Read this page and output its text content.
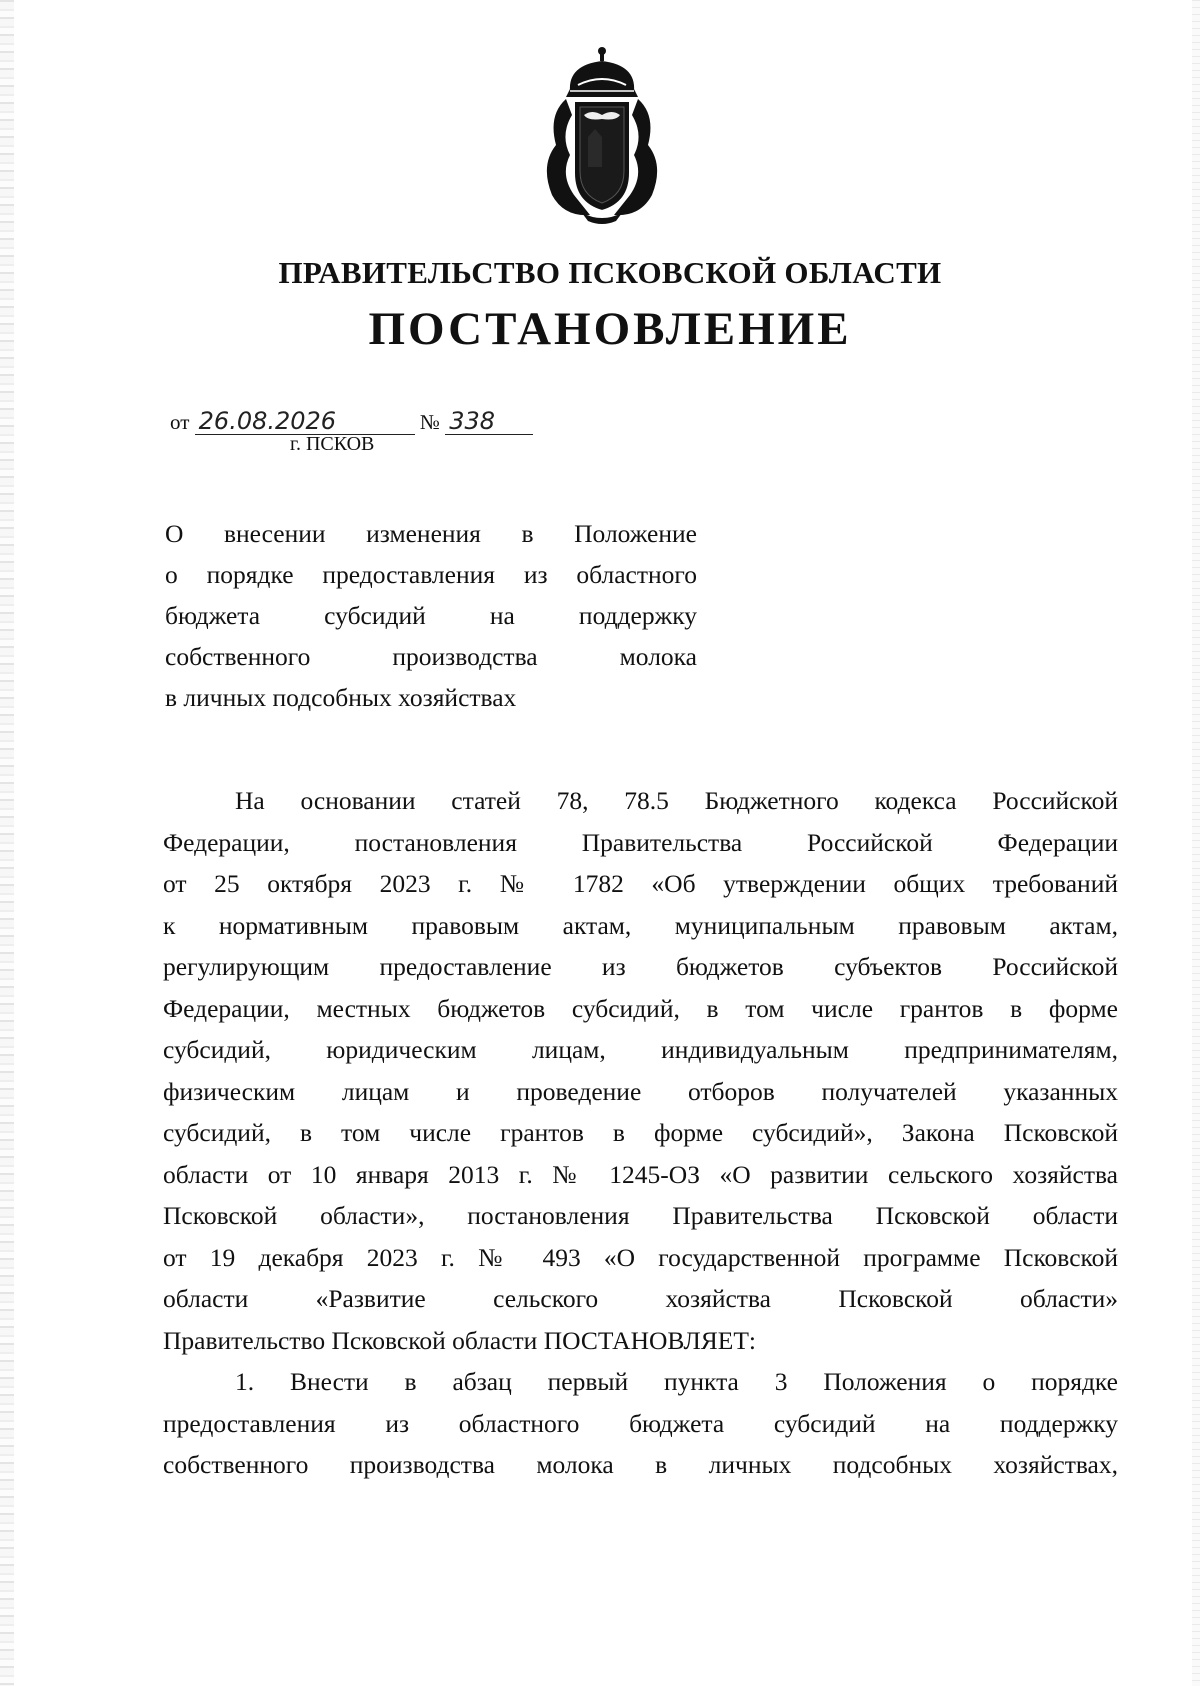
ПРАВИТЕЛЬСТВО ПСКОВСКОЙ ОБЛАСТИ
ПОСТАНОВЛЕНИЕ
от 26.08.2026	№ 338
г. ПСКОВ
О внесении изменения в Положение
о порядке предоставления из областного
бюджета субсидий на поддержку
собственного производства молока
в личных подсобных хозяйствах
На основании статей 78, 78.5 Бюджетного кодекса Российской
Федерации, постановления Правительства Российской Федерации
от 25 октября 2023 г. № 1782 «Об утверждении общих требований
к нормативным правовым актам, муниципальным правовым актам,
регулирующим предоставление из бюджетов субъектов Российской
Федерации, местных бюджетов субсидий, в том числе грантов в форме
субсидий, юридическим лицам, индивидуальным предпринимателям,
физическим лицам и проведение отборов получателей указанных
субсидий, в том числе грантов в форме субсидий», Закона Псковской
области от 10 января 2013 г. № 1245-ОЗ «О развитии сельского хозяйства
Псковской области», постановления Правительства Псковской области
от 19 декабря 2023 г. № 493 «О государственной программе Псковской
области «Развитие сельского хозяйства Псковской области»
Правительство Псковской области ПОСТАНОВЛЯЕТ:
1. Внести в абзац первый пункта 3 Положения о порядке
предоставления из областного бюджета субсидий на поддержку
собственного производства молока в личных подсобных хозяйствах,
